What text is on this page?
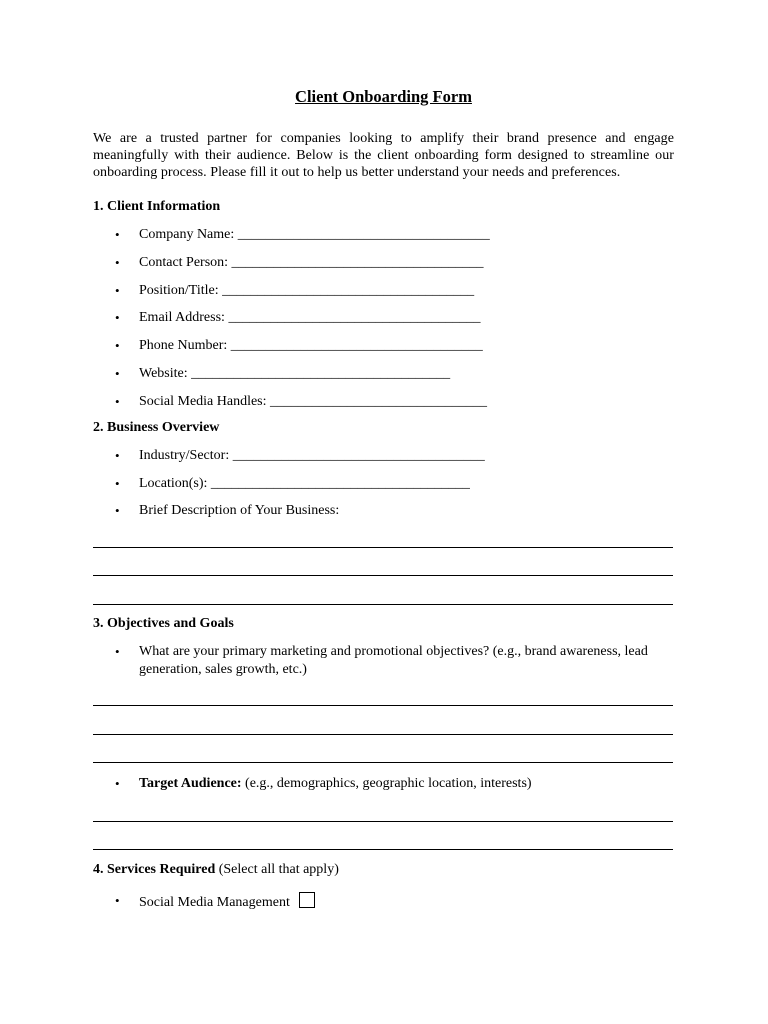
Client Onboarding Form
We are a trusted partner for companies looking to amplify their brand presence and engage meaningfully with their audience. Below is the client onboarding form designed to streamline our onboarding process. Please fill it out to help us better understand your needs and preferences.
1. Client Information
• Company Name: ____________________________________
• Contact Person: ____________________________________
• Position/Title: ____________________________________
• Email Address: ____________________________________
• Phone Number: ____________________________________
• Website: _____________________________________
• Social Media Handles: _______________________________
2. Business Overview
• Industry/Sector: ____________________________________
• Location(s): _____________________________________
• Brief Description of Your Business:
3. Objectives and Goals
• What are your primary marketing and promotional objectives? (e.g., brand awareness, lead generation, sales growth, etc.)
• Target Audience: (e.g., demographics, geographic location, interests)
4. Services Required (Select all that apply)
• Social Media Management
